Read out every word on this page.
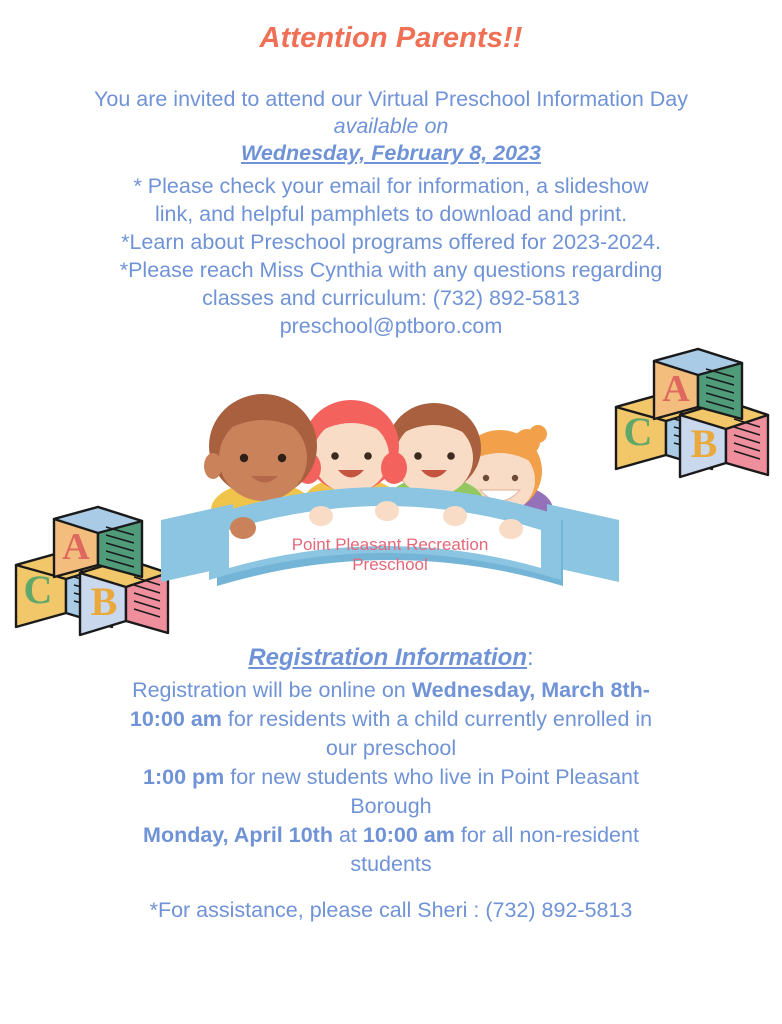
Attention Parents!!
You are invited to attend our Virtual Preschool Information Day
available on
Wednesday, February 8, 2023
* Please check your email for information, a slideshow
link, and helpful pamphlets to download and print.
*Learn about Preschool programs offered for 2023-2024.
*Please reach Miss Cynthia with any questions regarding
classes and curriculum: (732) 892-5813
preschool@ptboro.com
C B
A
C B
A	Point Pleasant Recreation
Preschool
Registration Information:
Registration will be online on Wednesday, March 8th-
10:00 am for residents with a child currently enrolled in
our preschool
1:00 pm for new students who live in Point Pleasant
Borough
Monday, April 10th at 10:00 am for all non-resident
students
*For assistance, please call Sheri : (732) 892-5813
